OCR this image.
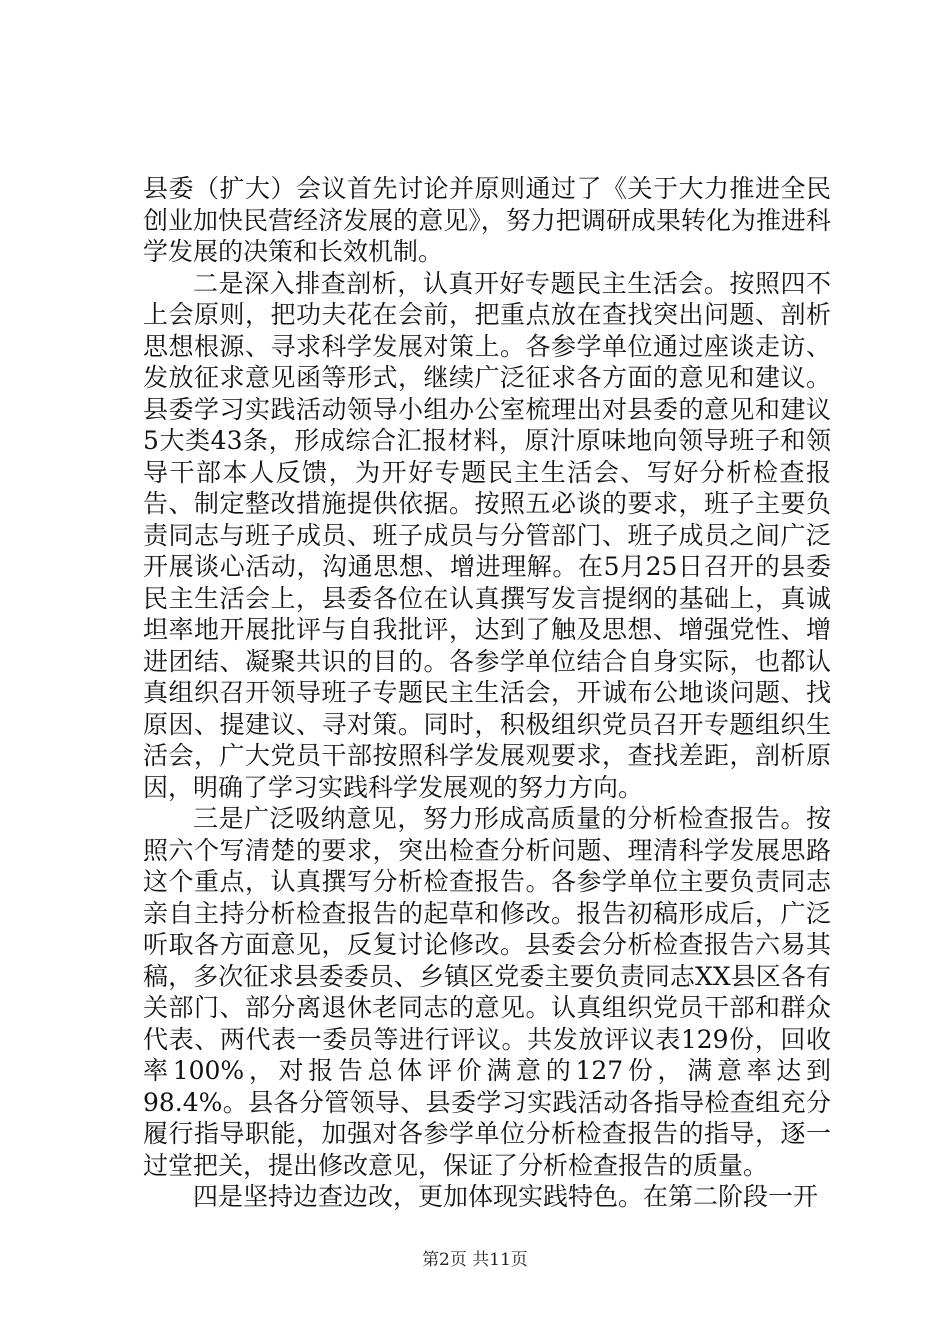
县委（扩大）会议首先讨论并原则通过了《关于大力推进全民创业加快民营经济发展的意见》，努力把调研成果转化为推进科学发展的决策和长效机制。

二是深入排查剖析，认真开好专题民主生活会。按照四不上会原则，把功夫花在会前，把重点放在查找突出问题、剖析思想根源、寻求科学发展对策上。各参学单位通过座谈走访、发放征求意见函等形式，继续广泛征求各方面的意见和建议。县委学习实践活动领导小组办公室梳理出对县委的意见和建议5大类43条，形成综合汇报材料，原汁原味地向领导班子和领导干部本人反馈，为开好专题民主生活会、写好分析检查报告、制定整改措施提供依据。按照五必谈的要求，班子主要负责同志与班子成员、班子成员与分管部门、班子成员之间广泛开展谈心活动，沟通思想、增进理解。在5月25日召开的县委民主生活会上，县委各位在认真撰写发言提纲的基础上，真诚坦率地开展批评与自我批评，达到了触及思想、增强党性、增进团结、凝聚共识的目的。各参学单位结合自身实际，也都认真组织召开领导班子专题民主生活会，开诚布公地谈问题、找原因、提建议、寻对策。同时，积极组织党员召开专题组织生活会，广大党员干部按照科学发展观要求，查找差距，剖析原因，明确了学习实践科学发展观的努力方向。

三是广泛吸纳意见，努力形成高质量的分析检查报告。按照六个写清楚的要求，突出检查分析问题、理清科学发展思路这个重点，认真撰写分析检查报告。各参学单位主要负责同志亲自主持分析检查报告的起草和修改。报告初稿形成后，广泛听取各方面意见，反复讨论修改。县委会分析检查报告六易其稿，多次征求县委委员、乡镇区党委主要负责同志XX县区各有关部门、部分离退休老同志的意见。认真组织党员干部和群众代表、两代表一委员等进行评议。共发放评议表129份，回收率100%，对报告总体评价满意的127份，满意率达到98.4%。县各分管领导、县委学习实践活动各指导检查组充分履行指导职能，加强对各参学单位分析检查报告的指导，逐一过堂把关，提出修改意见，保证了分析检查报告的质量。

四是坚持边查边改，更加体现实践特色。在第二阶段一开

第2页 共11页
